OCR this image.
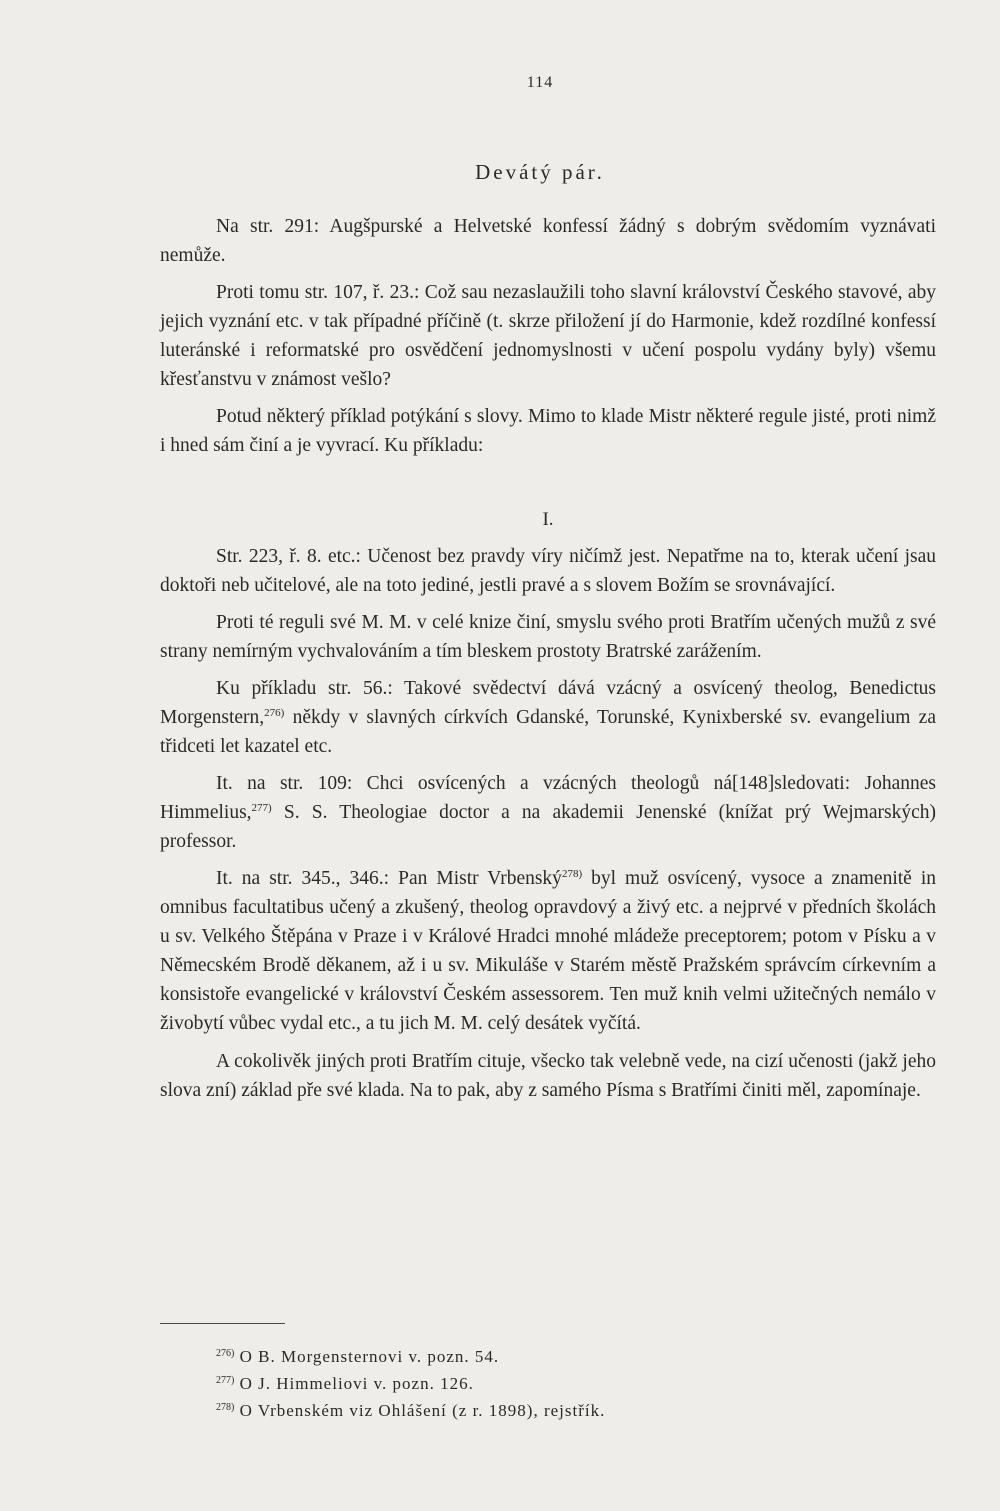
114
Devátý pár.

Na str. 291: Augšpurské a Helvetské konfessí žádný s dobrým svědomím vyznávati nemůže.

Proti tomu str. 107, ř. 23.: Což sau nezaslaužili toho slavní království Českého stavové, aby jejich vyznání etc. v tak případné příčině (t. skrze přiložení jí do Harmonie, kdež rozdílné konfessí luteránské i reformatské pro osvědčení jednomyslnosti v učení pospolu vydány byly) všemu křesťanstvu v známost vešlo?

Potud některý příklad potýkání s slovy. Mimo to klade Mistr některé regule jisté, proti nimž i hned sám činí a je vyvrací. Ku příkladu:

I.

Str. 223, ř. 8. etc.: Učenost bez pravdy víry ničímž jest. Nepatřme na to, kterak učení jsau doktoři neb učitelové, ale na toto jediné, jestli pravé a s slovem Božím se srovnávající.

Proti té reguli své M. M. v celé knize činí, smyslu svého proti Bratřím učených mužů z své strany nemírným vychvalováním a tím bleskem prostoty Bratrské zarážením.

Ku příkladu str. 56.: Takové svědectví dává vzácný a osvícený theolog, Benedictus Morgenstern,$^{276)}$ někdy v slavných církvích Gdanské, Torunské, Kynixberské sv. evangelium za třidceti let kazatel etc.

It. na str. 109: Chci osvícených a vzácných theologů ná[148]sledovati: Johannes Himmelius,$^{277)}$ S. S. Theologiae doctor a na akademii Jenenské (knížat prý Wejmarských) professor.

It. na str. 345., 346.: Pan Mistr Vrbenský$^{278)}$ byl muž osvícený, vysoce a znamenitě in omnibus facultatibus učený a zkušený, theolog opravdový a živý etc. a nejprvé v předních školách u sv. Velkého Štěpána v Praze i v Králové Hradci mnohé mládeže preceptorem; potom v Písku a v Němecském Brodě děkanem, až i u sv. Mikuláše v Starém městě Pražském správcím církevním a konsistoře evangelické v království Českém assessorem. Ten muž knih velmi užitečných nemálo v živobytí vůbec vydal etc., a tu jich M. M. celý desátek vyčítá.

A cokolivěk jiných proti Bratřím cituje, všecko tak velebně vede, na cizí učenosti (jakž jeho slova zní) základ pře své klada. Na to pak, aby z samého Písma s Bratřími činiti měl, zapomínaje.

$^{276)}$ O B. Morgensternovi v. pozn. 54.
$^{277)}$ O J. Himmeliovi v. pozn. 126.
$^{278)}$ O Vrbenském viz Ohlášení (z r. 1898), rejstřík.
